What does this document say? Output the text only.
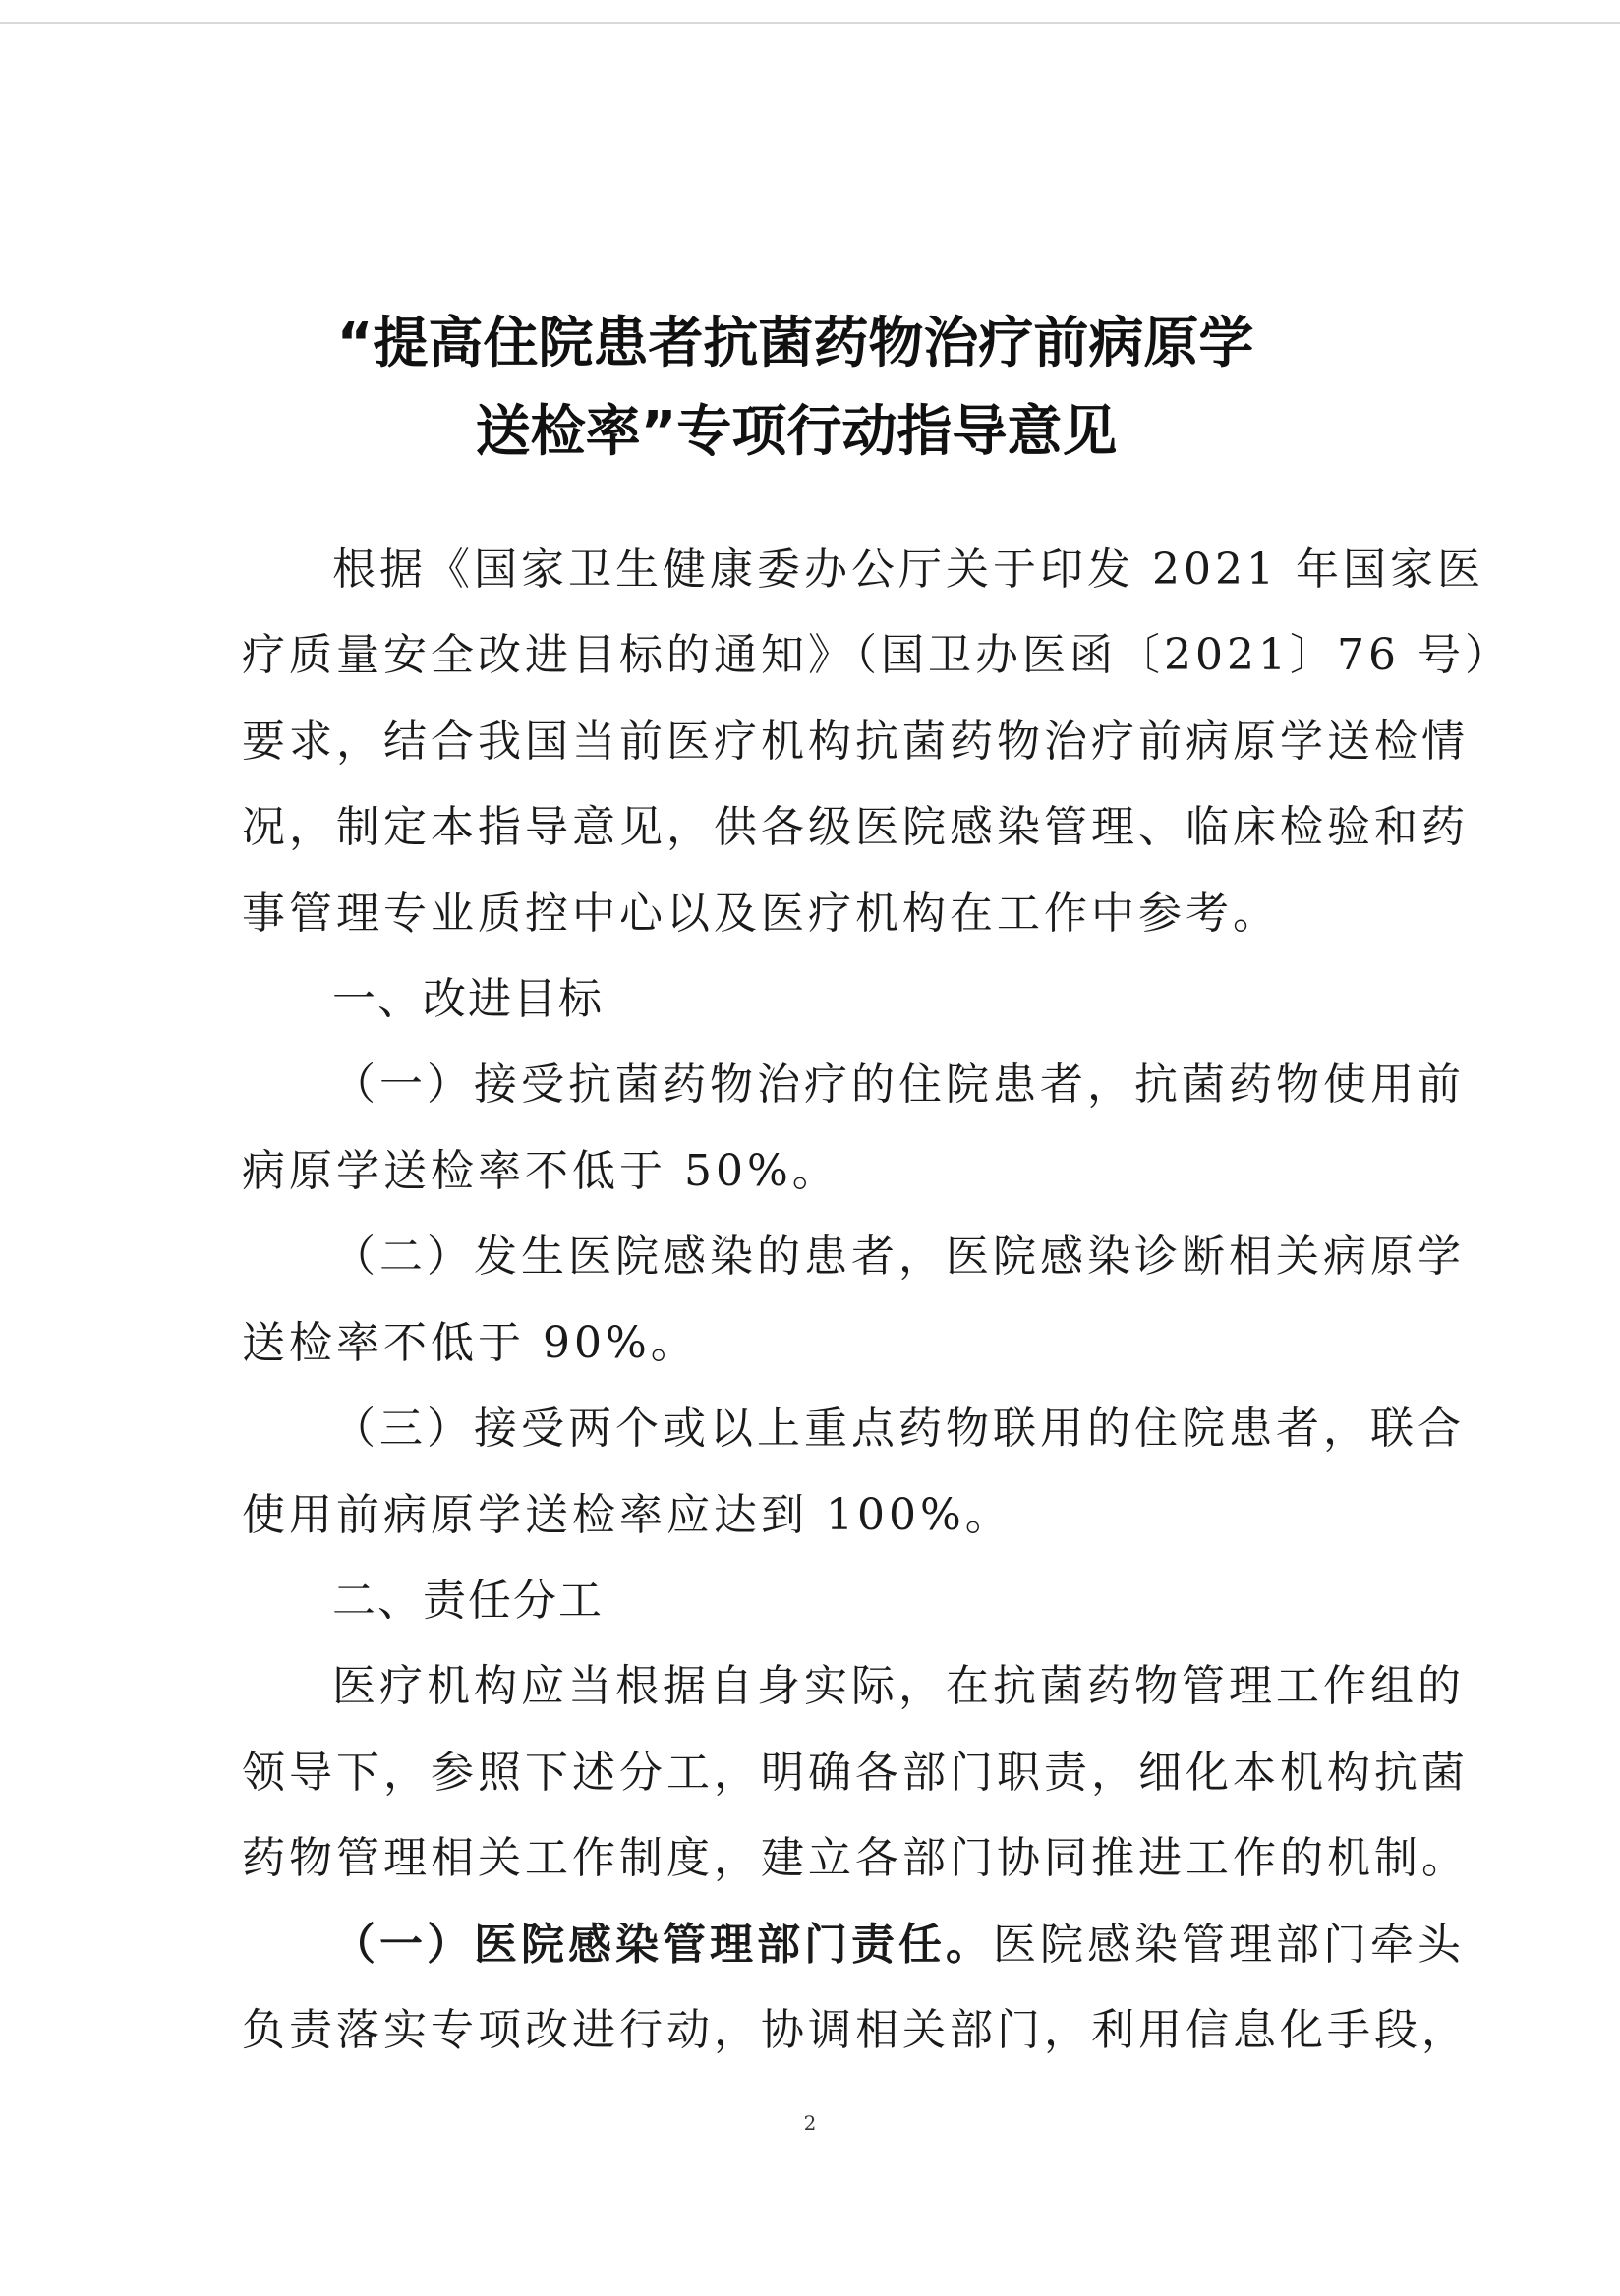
“提高住院患者抗菌药物治疗前病原学
送检率”专项行动指导意见
根据《国家卫生健康委办公厅关于印发 2021 年国家医
疗质量安全改进目标的通知》（国卫办医函〔2021〕76 号）
要求，结合我国当前医疗机构抗菌药物治疗前病原学送检情
况，制定本指导意见，供各级医院感染管理、临床检验和药
事管理专业质控中心以及医疗机构在工作中参考。
一、改进目标
（一）接受抗菌药物治疗的住院患者，抗菌药物使用前
病原学送检率不低于 50%。
（二）发生医院感染的患者，医院感染诊断相关病原学
送检率不低于 90%。
（三）接受两个或以上重点药物联用的住院患者，联合
使用前病原学送检率应达到 100%。
二、责任分工
医疗机构应当根据自身实际，在抗菌药物管理工作组的
领导下，参照下述分工，明确各部门职责，细化本机构抗菌
药物管理相关工作制度，建立各部门协同推进工作的机制。
（一）医院感染管理部门责任。医院感染管理部门牵头
负责落实专项改进行动，协调相关部门，利用信息化手段，
2
